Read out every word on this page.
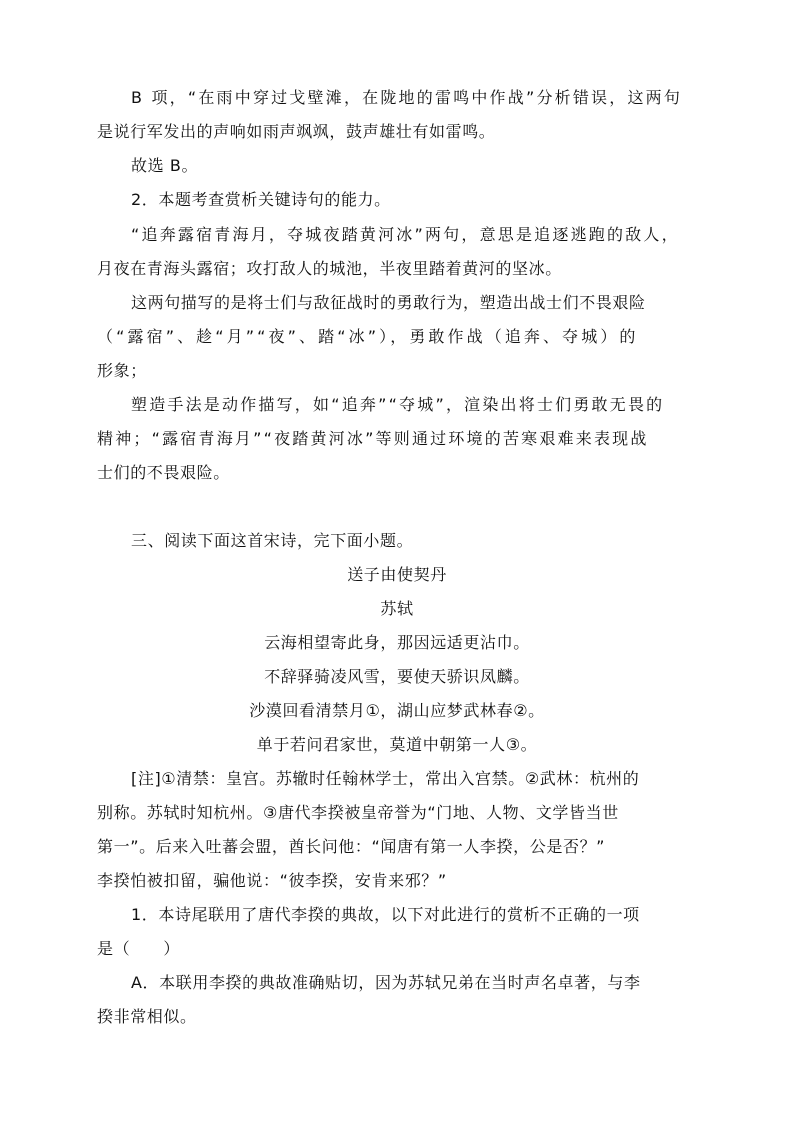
B 项，“在雨中穿过戈壁滩，在陇地的雷鸣中作战”分析错误，这两句
是说行军发出的声响如雨声飒飒，鼓声雄壮有如雷鸣。
故选 B。
2．本题考查赏析关键诗句的能力。
“追奔露宿青海月，夺城夜踏黄河冰”两句，意思是追逐逃跑的敌人，
月夜在青海头露宿；攻打敌人的城池，半夜里踏着黄河的坚冰。
这两句描写的是将士们与敌征战时的勇敢行为，塑造出战士们不畏艰险
（“露宿”、趁“月”“夜”、踏“冰”），勇敢作战（追奔、夺城）的
形象；
塑造手法是动作描写，如“追奔”“夺城”，渲染出将士们勇敢无畏的
精神；“露宿青海月”“夜踏黄河冰”等则通过环境的苦寒艰难来表现战
士们的不畏艰险。
三、阅读下面这首宋诗，完下面小题。
送子由使契丹
苏轼
云海相望寄此身，那因远适更沾巾。
不辞驿骑凌风雪，要使天骄识凤麟。
沙漠回看清禁月①，湖山应梦武林春②。
单于若问君家世，莫道中朝第一人③。
[注]①清禁：皇宫。苏辙时任翰林学士，常出入宫禁。②武林：杭州的
别称。苏轼时知杭州。③唐代李揆被皇帝誉为“门地、人物、文学皆当世
第一”。后来入吐蕃会盟，酋长问他：“闻唐有第一人李揆，公是否？”
李揆怕被扣留，骗他说：“彼李揆，安肯来邪？”
1．本诗尾联用了唐代李揆的典故，以下对此进行的赏析不正确的一项
是（　　）
A．本联用李揆的典故准确贴切，因为苏轼兄弟在当时声名卓著，与李
揆非常相似。
